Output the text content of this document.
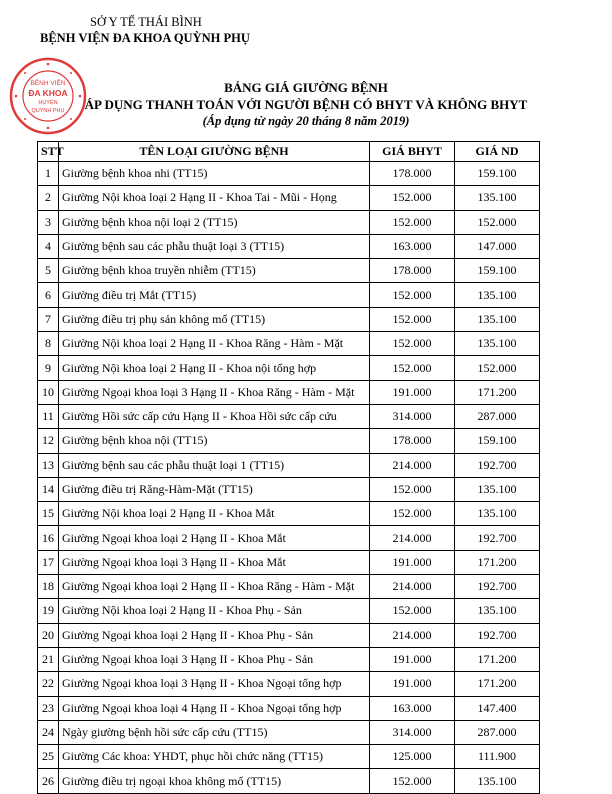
SỞ Y TẾ THÁI BÌNH
BỆNH VIỆN ĐA KHOA QUỲNH PHỤ
BỆNH VIỆN
ĐA KHOA
HUYỆN
QUỲNH PHỤ
BẢNG GIÁ GIƯỜNG BỆNH
ÁP DỤNG THANH TOÁN VỚI NGƯỜI BỆNH CÓ BHYT VÀ KHÔNG BHYT
(Áp dụng từ ngày 20 tháng 8 năm 2019)
STT	TÊN LOẠI GIƯỜNG BỆNH	GIÁ BHYT	GIÁ ND
1	Giường bệnh khoa nhi (TT15)	178.000	159.100
2	Giường Nội khoa loại 2 Hạng II - Khoa Tai - Mũi - Họng	152.000	135.100
3	Giường bệnh khoa nội loại 2 (TT15)	152.000	152.000
4	Giường bệnh sau các phẫu thuật loại 3 (TT15)	163.000	147.000
5	Giường bệnh khoa truyền nhiễm (TT15)	178.000	159.100
6	Giường điều trị Mắt (TT15)	152.000	135.100
7	Giường điều trị phụ sản không mổ (TT15)	152.000	135.100
8	Giường Nội khoa loại 2 Hạng II - Khoa Răng - Hàm - Mặt	152.000	135.100
9	Giường Nội khoa loại 2 Hạng II - Khoa nội tổng hợp	152.000	152.000
10	Giường Ngoại khoa loại 3 Hạng II - Khoa Răng - Hàm - Mặt	191.000	171.200
11	Giường Hồi sức cấp cứu Hạng II - Khoa Hồi sức cấp cứu	314.000	287.000
12	Giường bệnh khoa nội (TT15)	178.000	159.100
13	Giường bệnh sau các phẫu thuật loại 1 (TT15)	214.000	192.700
14	Giường điều trị Răng-Hàm-Mặt (TT15)	152.000	135.100
15	Giường Nội khoa loại 2 Hạng II - Khoa Mắt	152.000	135.100
16	Giường Ngoại khoa loại 2 Hạng II - Khoa Mắt	214.000	192.700
17	Giường Ngoại khoa loại 3 Hạng II - Khoa Mắt	191.000	171.200
18	Giường Ngoại khoa loại 2 Hạng II - Khoa Răng - Hàm - Mặt	214.000	192.700
19	Giường Nội khoa loại 2 Hạng II - Khoa Phụ - Sản	152.000	135.100
20	Giường Ngoại khoa loại 2 Hạng II - Khoa Phụ - Sản	214.000	192.700
21	Giường Ngoại khoa loại 3 Hạng II - Khoa Phụ - Sản	191.000	171.200
22	Giường Ngoại khoa loại 3 Hạng II - Khoa Ngoại tổng hợp	191.000	171.200
23	Giường Ngoại khoa loại 4 Hạng II - Khoa Ngoại tổng hợp	163.000	147.400
24	Ngày giường bệnh hồi sức cấp cứu (TT15)	314.000	287.000
25	Giường Các khoa: YHDT, phục hồi chức năng (TT15)	125.000	111.900
26	Giường điều trị ngoại khoa không mổ (TT15)	152.000	135.100
